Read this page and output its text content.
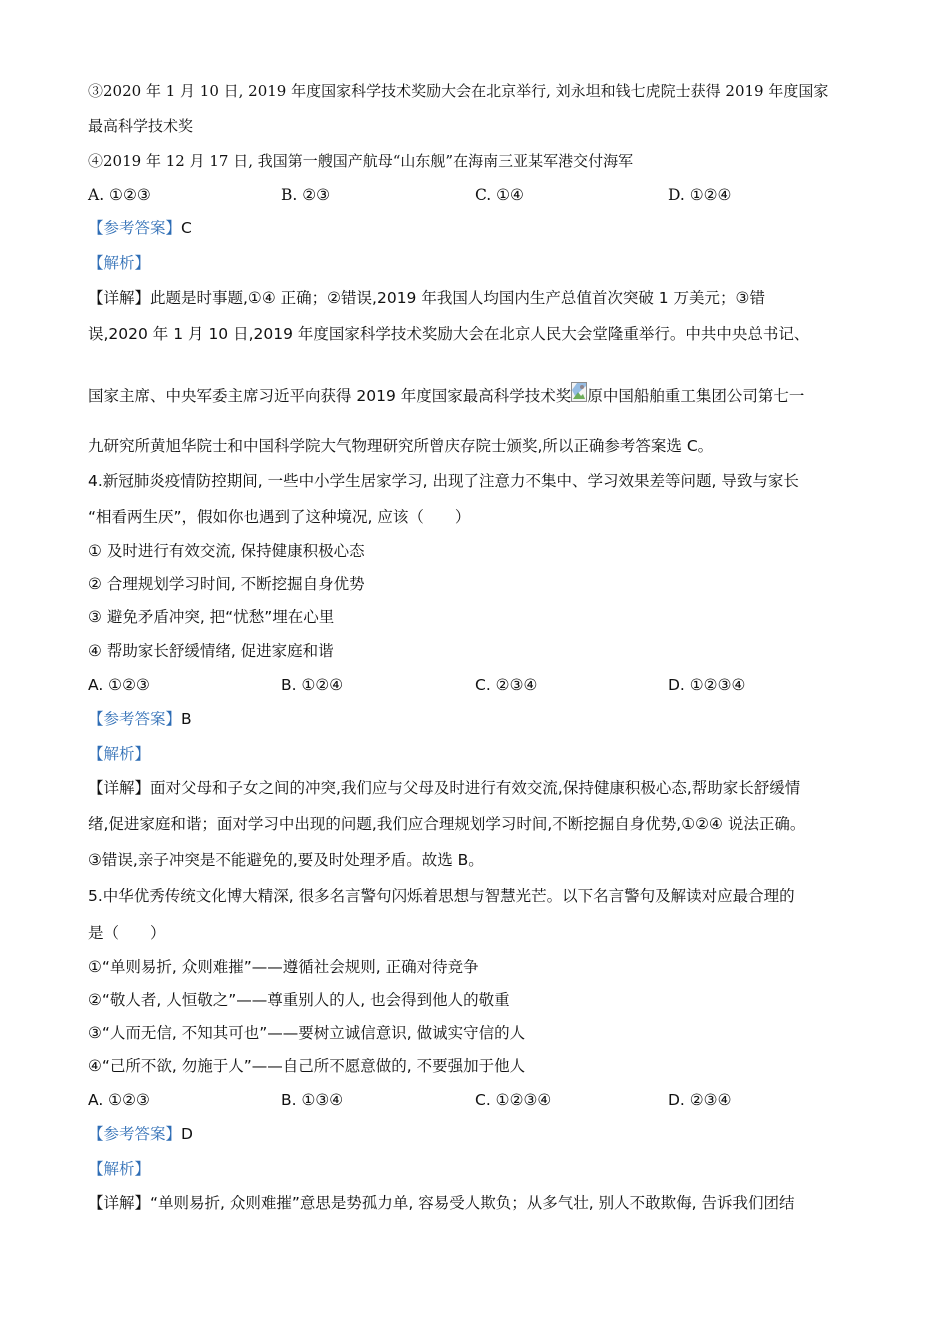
③2020 年 1 月 10 日, 2019 年度国家科学技术奖励大会在北京举行, 刘永坦和钱七虎院士获得 2019 年度国家
最高科学技术奖
④2019 年 12 月 17 日, 我国第一艘国产航母“山东舰”在海南三亚某军港交付海军
A. ①②③	B. ②③	C. ①④	D. ①②④
【参考答案】C
【解析】
【详解】此题是时事题,①④ 正确；②错误,2019 年我国人均国内生产总值首次突破 1 万美元；③错
误,2020 年 1 月 10 日,2019 年度国家科学技术奖励大会在北京人民大会堂隆重举行。中共中央总书记、
国家主席、中央军委主席习近平向获得 2019 年度国家最高科学技术奖 原中国船舶重工集团公司第七一
九研究所黄旭华院士和中国科学院大气物理研究所曾庆存院士颁奖,所以正确参考答案选 C。
4.新冠肺炎疫情防控期间, 一些中小学生居家学习, 出现了注意力不集中、学习效果差等问题, 导致与家长
“相看两生厌”，假如你也遇到了这种境况, 应该（　　）
① 及时进行有效交流, 保持健康积极心态
② 合理规划学习时间, 不断挖掘自身优势
③ 避免矛盾冲突, 把“忧愁”埋在心里
④ 帮助家长舒缓情绪, 促进家庭和谐
A. ①②③	B. ①②④	C. ②③④	D. ①②③④
【参考答案】B
【解析】
【详解】面对父母和子女之间的冲突,我们应与父母及时进行有效交流,保持健康积极心态,帮助家长舒缓情
绪,促进家庭和谐；面对学习中出现的问题,我们应合理规划学习时间,不断挖掘自身优势,①②④ 说法正确。
③错误,亲子冲突是不能避免的,要及时处理矛盾。故选 B。
5.中华优秀传统文化博大精深, 很多名言警句闪烁着思想与智慧光芒。以下名言警句及解读对应最合理的
是（　　）
①“单则易折, 众则难摧”——遵循社会规则, 正确对待竞争
②“敬人者, 人恒敬之”——尊重别人的人, 也会得到他人的敬重
③“人而无信, 不知其可也”——要树立诚信意识, 做诚实守信的人
④“己所不欲, 勿施于人”——自己所不愿意做的, 不要强加于他人
A. ①②③	B. ①③④	C. ①②③④	D. ②③④
【参考答案】D
【解析】
【详解】“单则易折, 众则难摧”意思是势孤力单, 容易受人欺负；从多气壮, 别人不敢欺侮, 告诉我们团结
